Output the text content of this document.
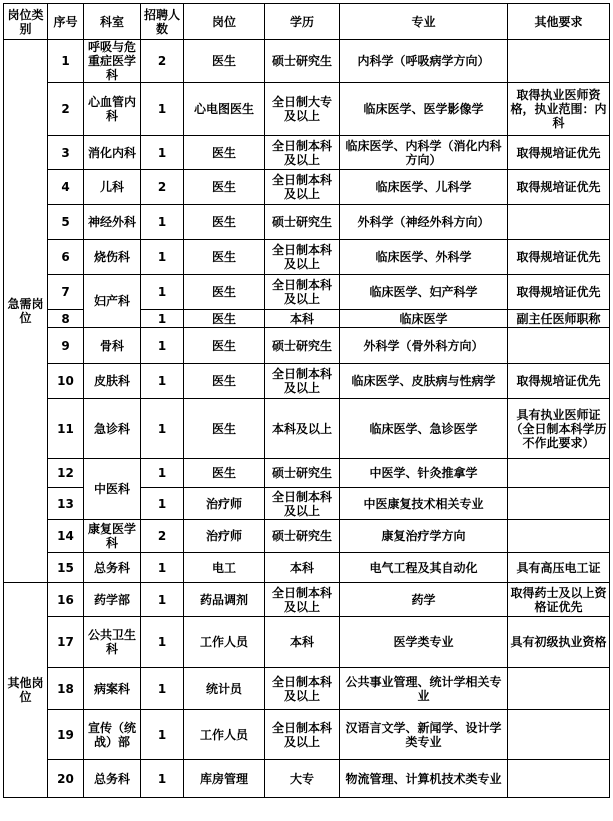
岗位类别	序号	科室	招聘人数	岗位	学历	专业	其他要求
急需岗位	1	呼吸与危重症医学科	2	医生	硕士研究生	内科学（呼吸病学方向）	
	2	心血管内科	1	心电图医生	全日制大专及以上	临床医学、医学影像学	取得执业医师资格，执业范围：内科
	3	消化内科	1	医生	全日制本科及以上	临床医学、内科学（消化内科方向）	取得规培证优先
	4	儿科	2	医生	全日制本科及以上	临床医学、儿科学	取得规培证优先
	5	神经外科	1	医生	硕士研究生	外科学（神经外科方向）	
	6	烧伤科	1	医生	全日制本科及以上	临床医学、外科学	取得规培证优先
	7	妇产科	1	医生	全日制本科及以上	临床医学、妇产科学	取得规培证优先
	8		1	医生	本科	临床医学	副主任医师职称
	9	骨科	1	医生	硕士研究生	外科学（骨外科方向）	
	10	皮肤科	1	医生	全日制本科及以上	临床医学、皮肤病与性病学	取得规培证优先
	11	急诊科	1	医生	本科及以上	临床医学、急诊医学	具有执业医师证（全日制本科学历不作此要求）
	12	中医科	1	医生	硕士研究生	中医学、针灸推拿学	
	13		1	治疗师	全日制本科及以上	中医康复技术相关专业	
	14	康复医学科	2	治疗师	硕士研究生	康复治疗学方向	
	15	总务科	1	电工	本科	电气工程及其自动化	具有高压电工证
其他岗位	16	药学部	1	药品调剂	全日制本科及以上	药学	取得药士及以上资格证优先
	17	公共卫生科	1	工作人员	本科	医学类专业	具有初级执业资格
	18	病案科	1	统计员	全日制本科及以上	公共事业管理、统计学相关专业	
	19	宣传（统战）部	1	工作人员	全日制本科及以上	汉语言文学、新闻学、设计学类专业	
	20	总务科	1	库房管理	大专	物流管理、计算机技术类专业	
